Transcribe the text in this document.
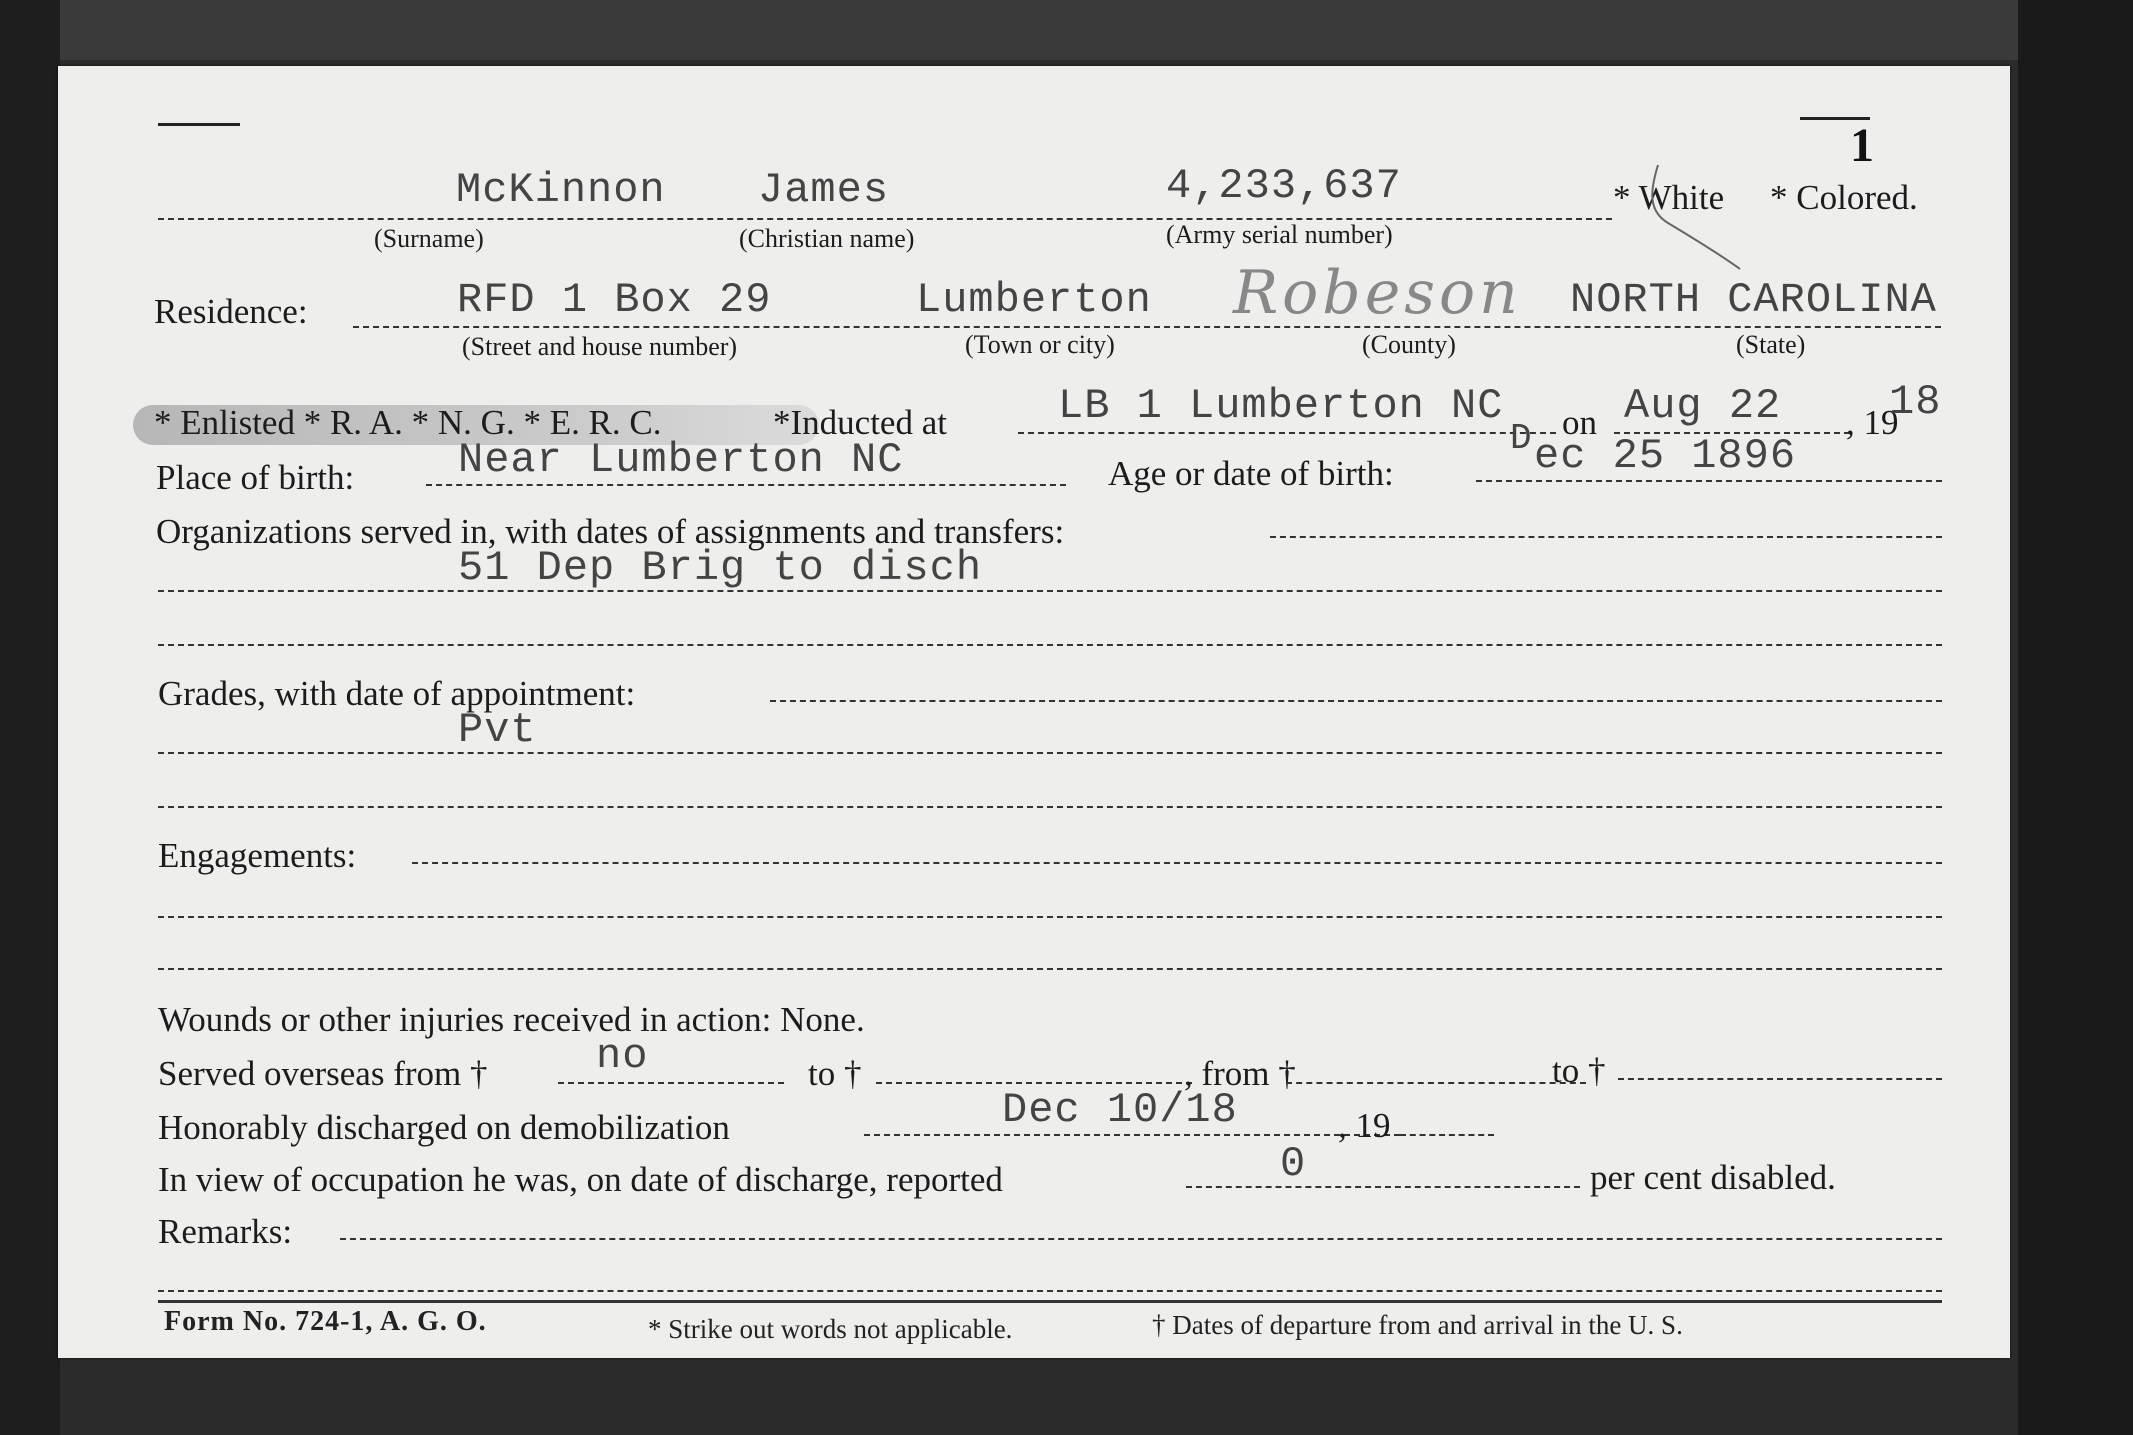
1
McKinnon James	4,233,637	* White * Colored.
(Surname)	(Christian name)	(Army serial number)
Residence:	RFD 1 Box 29	Lumberton Robeson NORTH CAROLINA
(Street and house number)	(Town or city)	(County)	(State)
* Enlisted * R. A. * N. G. * E. R. C.	*Inducted at	LB 1 Lumberton NC on Aug 22 , 19
18
Place of birth: Near Lumberton NC	Age or date of birth:
D ec 25 1896
Organizations served in, with dates of assignments and transfers:
51 Dep Brig to disch
Grades, with date of appointment:
Pvt
Engagements:
Wounds or other injuries received in action: None.
Served overseas from †	no	to †	, from †	to †
Honorably discharged on demobilization	Dec 10/18	, 19
In view of occupation he was, on date of discharge, reported	0	per cent disabled.
Remarks:
Form No. 724-1, A. G. O.	* Strike out words not applicable.	† Dates of departure from and arrival in the U. S.
